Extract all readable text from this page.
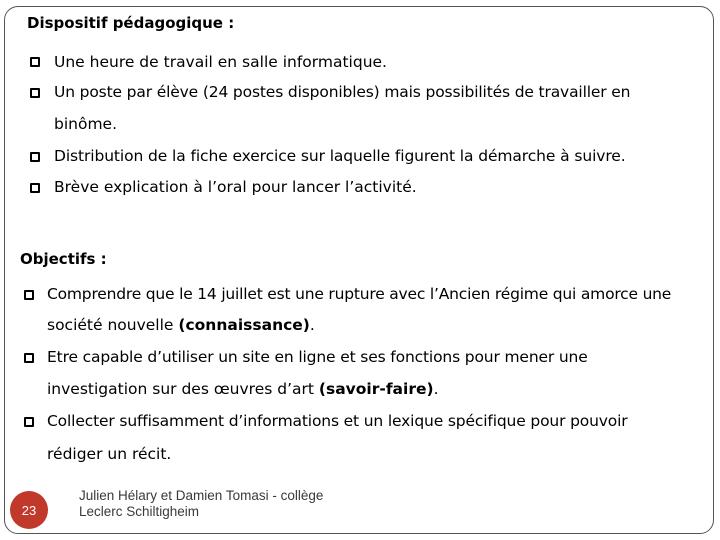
Dispositif pédagogique :
Une heure de travail en salle informatique.
Un poste par élève (24 postes disponibles) mais possibilités de travailler en
binôme.
Distribution de la fiche exercice sur laquelle figurent la démarche à suivre.
Brève explication à l’oral pour lancer l’activité.
Objectifs :
Comprendre que le 14 juillet est une rupture avec l’Ancien régime qui amorce une
société nouvelle (connaissance).
Etre capable d’utiliser un site en ligne et ses fonctions pour mener une
investigation sur des œuvres d’art (savoir-faire).
Collecter suffisamment d’informations et un lexique spécifique pour pouvoir
rédiger un récit.
23
Julien Hélary et Damien Tomasi - collège
Leclerc Schiltigheim
